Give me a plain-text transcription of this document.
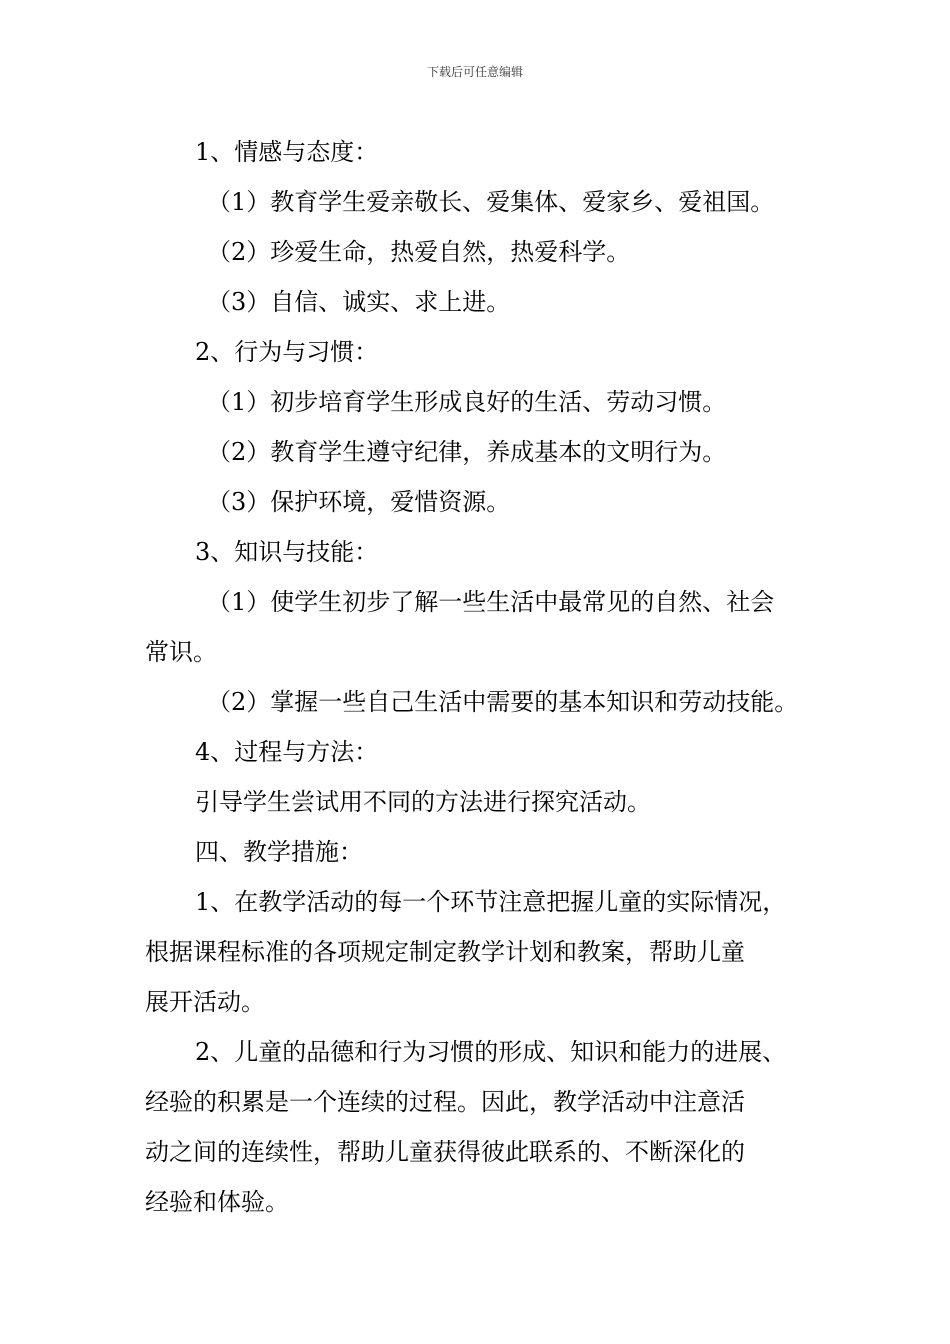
下载后可任意编辑
1、情感与态度：
（1）教育学生爱亲敬长、爱集体、爱家乡、爱祖国。
（2）珍爱生命，热爱自然，热爱科学。
（3）自信、诚实、求上进。
2、行为与习惯：
（1）初步培育学生形成良好的生活、劳动习惯。
（2）教育学生遵守纪律，养成基本的文明行为。
（3）保护环境，爱惜资源。
3、知识与技能：
（1）使学生初步了解一些生活中最常见的自然、社会
常识。
（2）掌握一些自己生活中需要的基本知识和劳动技能。
4、过程与方法：
引导学生尝试用不同的方法进行探究活动。
四、教学措施：
1、在教学活动的每一个环节注意把握儿童的实际情况，
根据课程标准的各项规定制定教学计划和教案，帮助儿童
展开活动。
2、儿童的品德和行为习惯的形成、知识和能力的进展、
经验的积累是一个连续的过程。因此，教学活动中注意活
动之间的连续性，帮助儿童获得彼此联系的、不断深化的
经验和体验。
